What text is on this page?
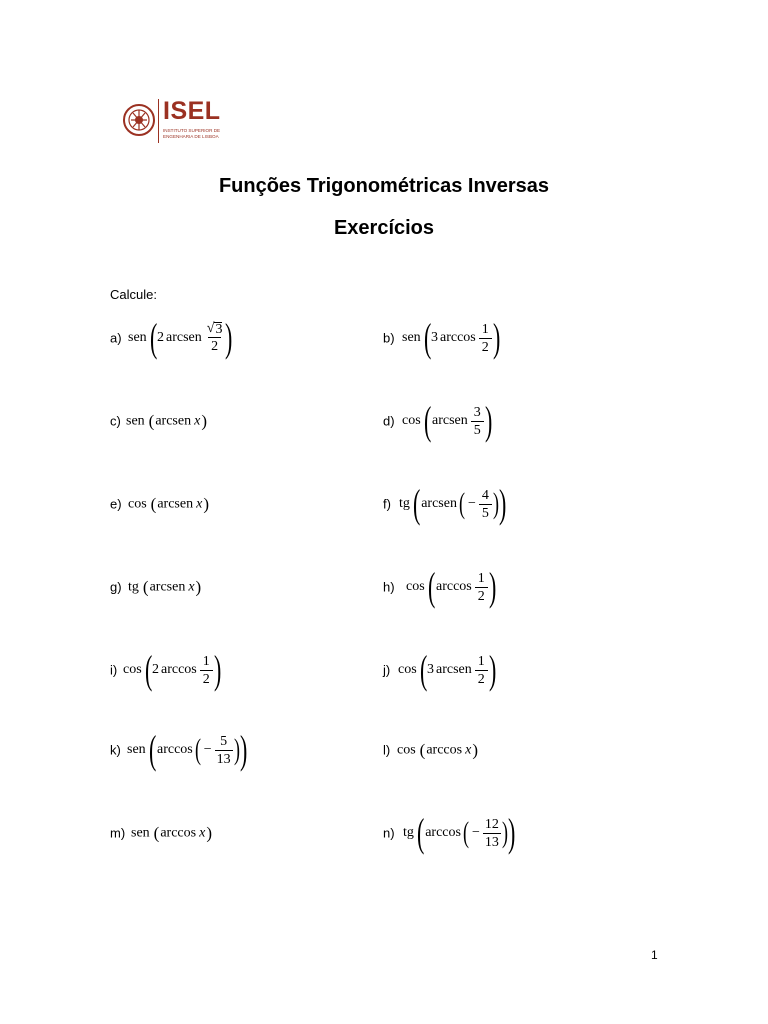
ISEL
INSTITUTO SUPERIOR DE ENGENHARIA DE LISBOA
Funções Trigonométricas Inversas
Exercícios
Calcule:
a) sen ( 2 arcsen $\frac{√ 3}{2}$ )	b) sen ( 3 $\arccos \frac{1}{2}$ )
c) sen ( arcsen x )	d) cos ( arcsen $\frac{3}{5}$ )
e) cos ( arcsen x )	f) tg ( arcsen ( − $\frac{4}{5}$ ) )
g) tg ( arcsen x )	h) cos ( $\arccos \frac{1}{2}$ )
i) cos ( 2 $\arccos \frac{1}{2}$ )	j) cos ( 3 arcsen $\frac{1}{2}$ )
k) sen ( arccos ( − $\frac{5}{13}$ ) )	l) cos ( arccos x )
m) sen ( arccos x )	n) tg ( arccos ( − $\frac{12}{13}$ ) )
1
